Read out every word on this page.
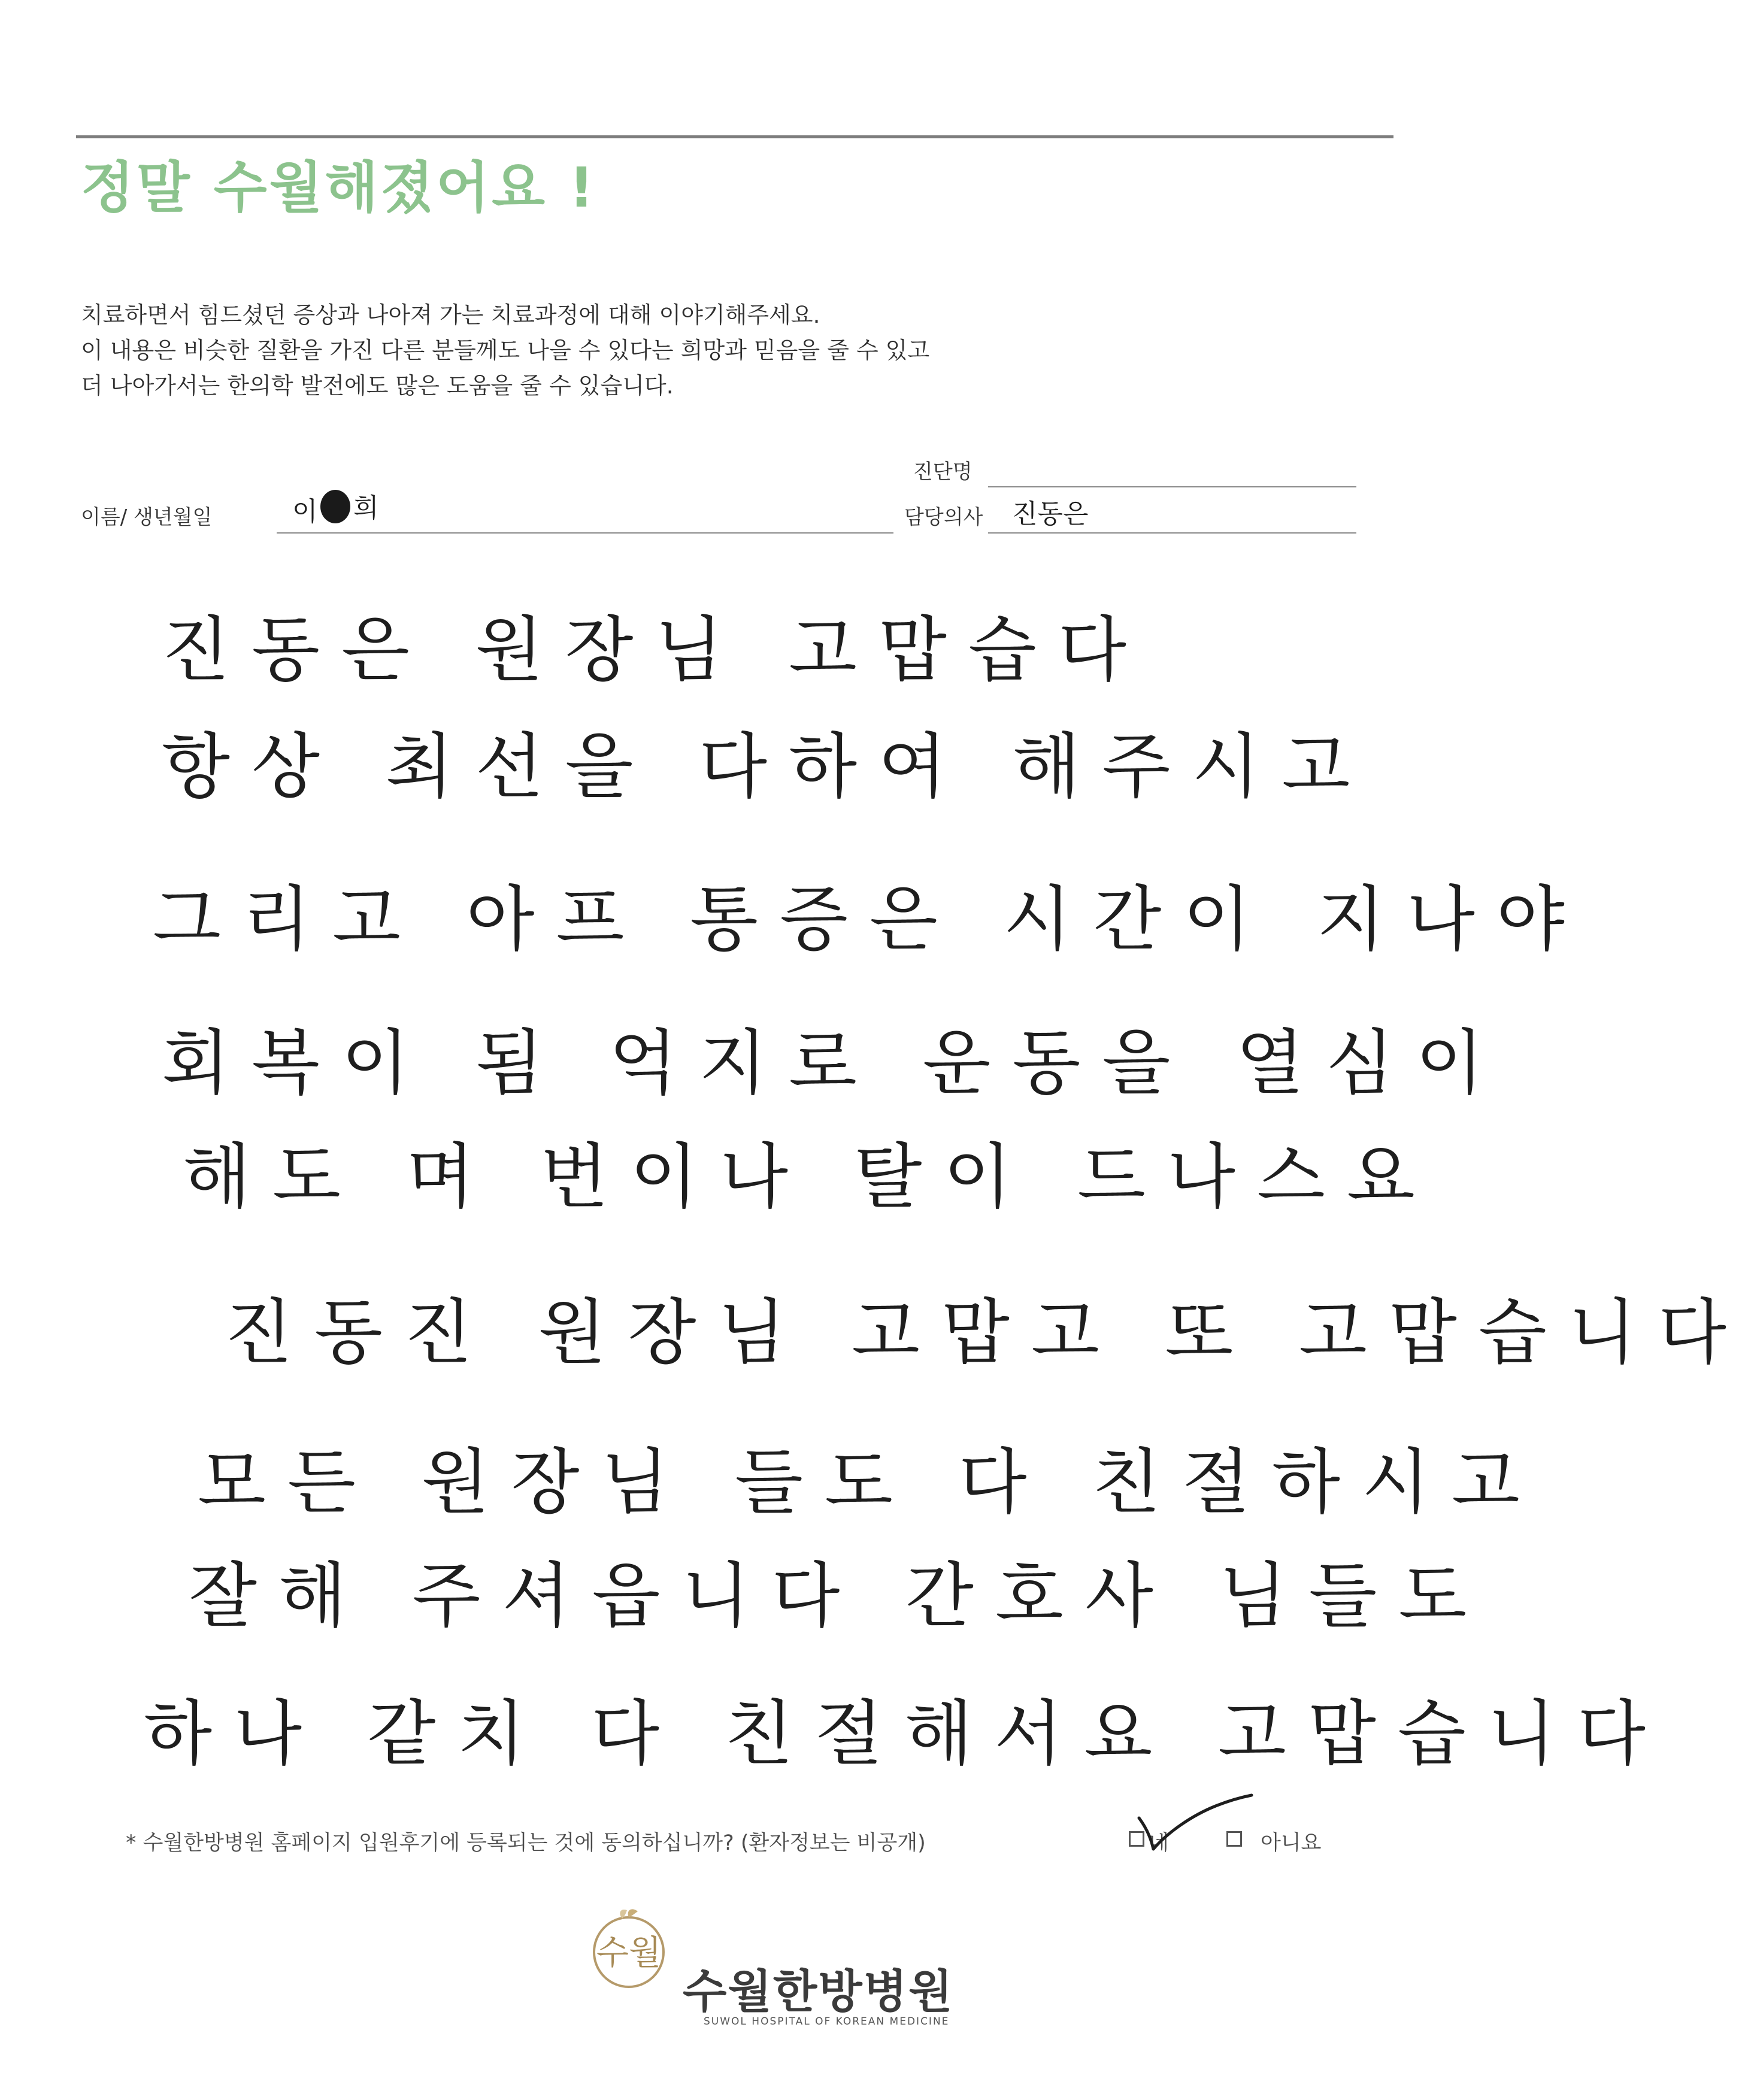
정말 수월해졌어요 !
치료하면서 힘드셨던 증상과 나아져 가는 치료과정에 대해 이야기해주세요.
이 내용은 비슷한 질환을 가진 다른 분들께도 나을 수 있다는 희망과 믿음을 줄 수 있고
더 나아가서는 한의학 발전에도 많은 도움을 줄 수 있습니다.
진단명
이름/ 생년월일	이 희	담당의사 진동은
진동은 원장님 고맙습다
항상 최선을 다하여 해주시고
그리고 아프 통증은 시간이 지나야
회복이 됨 억지로 운동을 열심이
해도 며 번이나 탈이 드나스요
진동진 원장님 고맙고 또 고맙습니다
모든 원장님 들도 다 친절하시고
잘해 주셔읍니다 간호사 님들도
하나 같치 다 친절해서요 고맙습니다
* 수월한방병원 홈페이지 입원후기에 등록되는 것에 동의하십니까? (환자정보는 비공개)	네	아니요
수월
수월한방병원
SUWOL HOSPITAL OF KOREAN MEDICINE
